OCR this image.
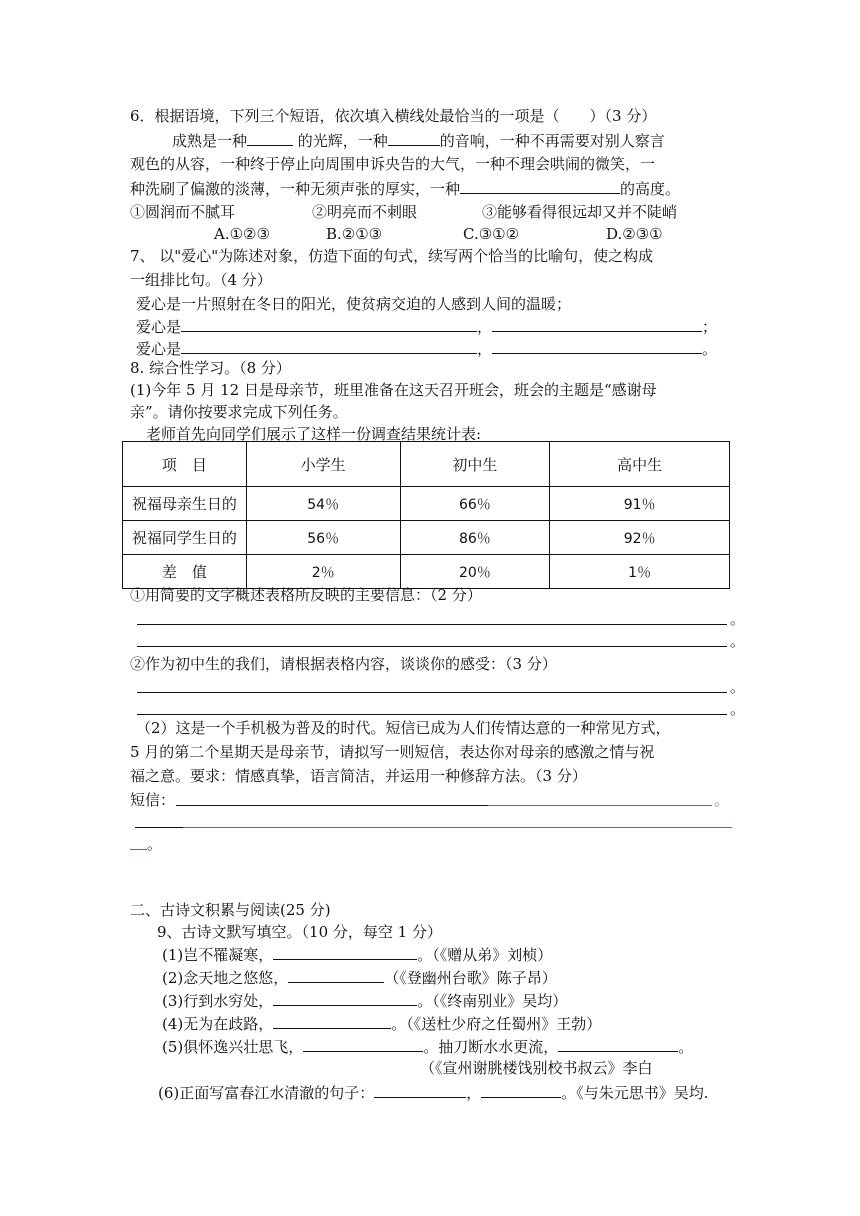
6．根据语境，下列三个短语，依次填入横线处最恰当的一项是（　　）（3 分）
成熟是一种	的光辉，一种	的音响，一种不再需要对别人察言
观色的从容，一种终于停止向周围申诉央告的大气，一种不理会哄闹的微笑，一
种洗刷了偏激的淡薄，一种无须声张的厚实，一种	的高度。
①圆润而不腻耳	②明亮而不刺眼	③能够看得很远却又并不陡峭
A.①②③	B.②①③	C.③①②	D.②③①
7、 以"爱心"为陈述对象，仿造下面的句式，续写两个恰当的比喻句，使之构成
一组排比句。（4 分）
爱心是一片照射在冬日的阳光，使贫病交迫的人感到人间的温暖；
爱心是	，	；
爱心是	，	。
8. 综合性学习。（8 分）
(1)今年 5 月 12 日是母亲节，班里准备在这天召开班会，班会的主题是“感谢母
亲”。请你按要求完成下列任务。
老师首先向同学们展示了这样一份调查结果统计表:
项　目	小学生	初中生	高中生
祝福母亲生日的	54％	66％	91％
祝福同学生日的	56％	86％	92％
差　值	2％	20％	1％
①用简要的文字概述表格所反映的主要信息：（2 分）
。
。
②作为初中生的我们，请根据表格内容，谈谈你的感受：（3 分）
。
。
（2）这是一个手机极为普及的时代。短信已成为人们传情达意的一种常见方式，
5 月的第二个星期天是母亲节，请拟写一则短信，表达你对母亲的感激之情与祝
福之意。要求：情感真挚，语言简洁，并运用一种修辞方法。（3 分）
短信：	。
。
二、古诗文积累与阅读(25 分)
9、古诗文默写填空。（10 分，每空 1 分）
(1)岂不罹凝寒，	。（《赠从弟》刘桢）
(2)念天地之悠悠，	（《登幽州台歌》陈子昂）
(3)行到水穷处，	。（《终南别业》吴均）
(4)无为在歧路，	。（《送杜少府之任蜀州》王勃）
(5)俱怀逸兴壮思飞，	。抽刀断水水更流，	。
（《宣州谢朓楼饯别校书叔云》李白
(6)正面写富春江水清澈的句子：	，	。《与朱元思书》吴均.
